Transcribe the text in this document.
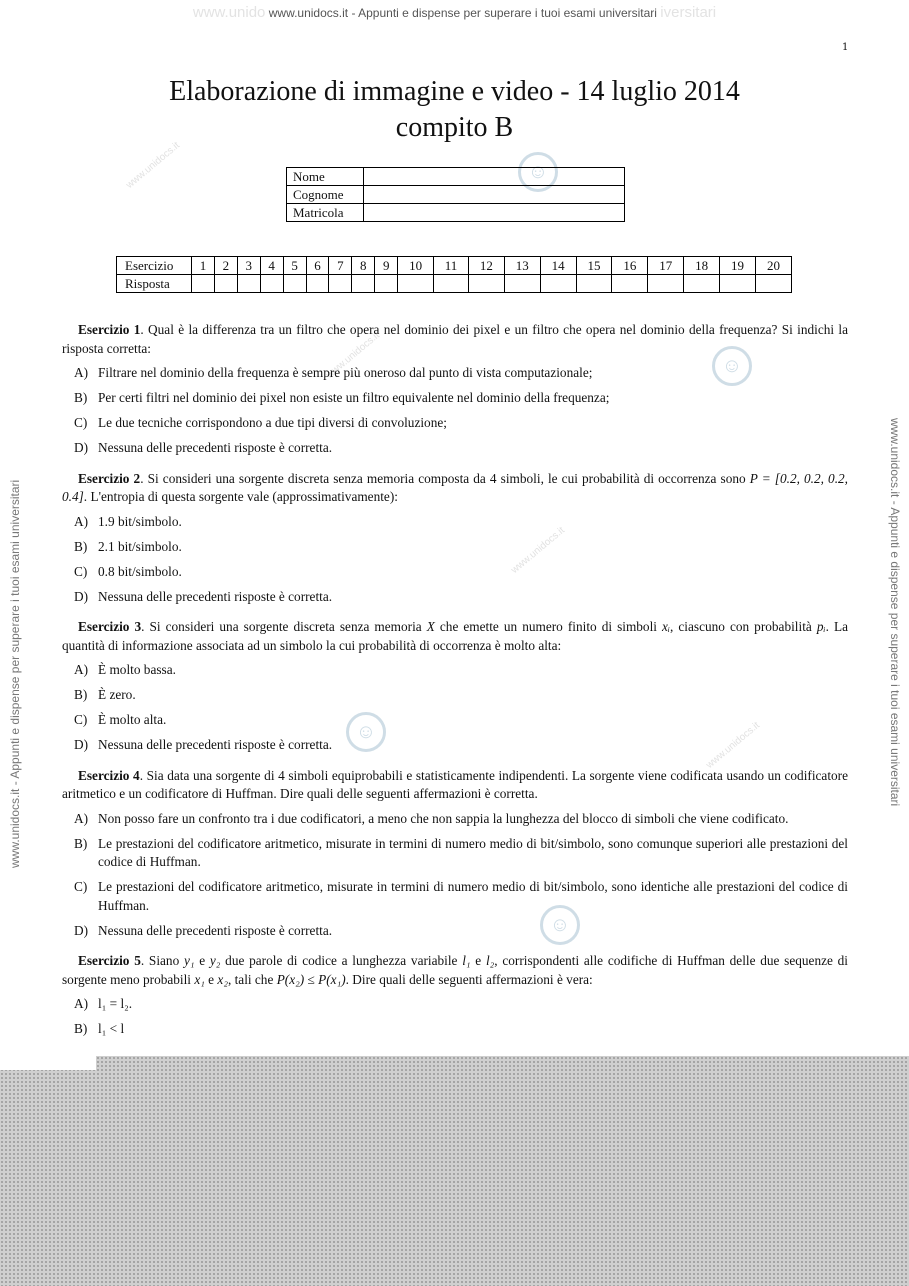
www.unido www.unidocs.it - Appunti e dispense per superare i tuoi esami universitari iversitari
www.unidocs.it - Appunti e dispense per superare i tuoi esami universitari	www.unidocs.it - Appunti e dispense per superare i tuoi esami universitari
☺
☺
☺
☺
www.unidocs.it
www.unidocs.it
www.unidocs.it
www.unidocs.it
1
Elaborazione di immagine e video - 14 luglio 2014
compito B
Nome	
Cognome	
Matricola	
Esercizio	1	2	3	4	5	6	7	8	9	10	11	12	13	14	15	16	17	18	19	20
Risposta																				

Esercizio 1. Qual è la differenza tra un filtro che opera nel dominio dei pixel e un filtro che opera nel dominio della frequenza? Si indichi la risposta corretta:

A) Filtrare nel dominio della frequenza è sempre più oneroso dal punto di vista computazionale;
B) Per certi filtri nel dominio dei pixel non esiste un filtro equivalente nel dominio della frequenza;
C) Le due tecniche corrispondono a due tipi diversi di convoluzione;
D) Nessuna delle precedenti risposte è corretta.

Esercizio 2. Si consideri una sorgente discreta senza memoria composta da 4 simboli, le cui probabilità di occorrenza sono P = [0.2, 0.2, 0.2, 0.4]. L'entropia di questa sorgente vale (approssimativamente):

A) 1.9 bit/simbolo.
B) 2.1 bit/simbolo.
C) 0.8 bit/simbolo.
D) Nessuna delle precedenti risposte è corretta.

Esercizio 3. Si consideri una sorgente discreta senza memoria X che emette un numero finito di simboli xᵢ, ciascuno con probabilità pᵢ. La quantità di informazione associata ad un simbolo la cui probabilità di occorrenza è molto alta:

A) È molto bassa.
B) È zero.
C) È molto alta.
D) Nessuna delle precedenti risposte è corretta.

Esercizio 4. Sia data una sorgente di 4 simboli equiprobabili e statisticamente indipendenti. La sorgente viene codificata usando un codificatore aritmetico e un codificatore di Huffman. Dire quali delle seguenti affermazioni è corretta.

A) Non posso fare un confronto tra i due codificatori, a meno che non sappia la lunghezza del blocco di simboli che viene codificato.
B) Le prestazioni del codificatore aritmetico, misurate in termini di numero medio di bit/simbolo, sono comunque superiori alle prestazioni del codice di Huffman.
C) Le prestazioni del codificatore aritmetico, misurate in termini di numero medio di bit/simbolo, sono identiche alle prestazioni del codice di Huffman.
D) Nessuna delle precedenti risposte è corretta.

Esercizio 5. Siano y₁ e y₂ due parole di codice a lunghezza variabile l₁ e l₂, corrispondenti alle codifiche di Huffman delle due sequenze di sorgente meno probabili x₁ e x₂, tali che P(x₂) ≤ P(x₁). Dire quali delle seguenti affermazioni è vera:

A) l₁ = l₂.
B) l₁ < l
